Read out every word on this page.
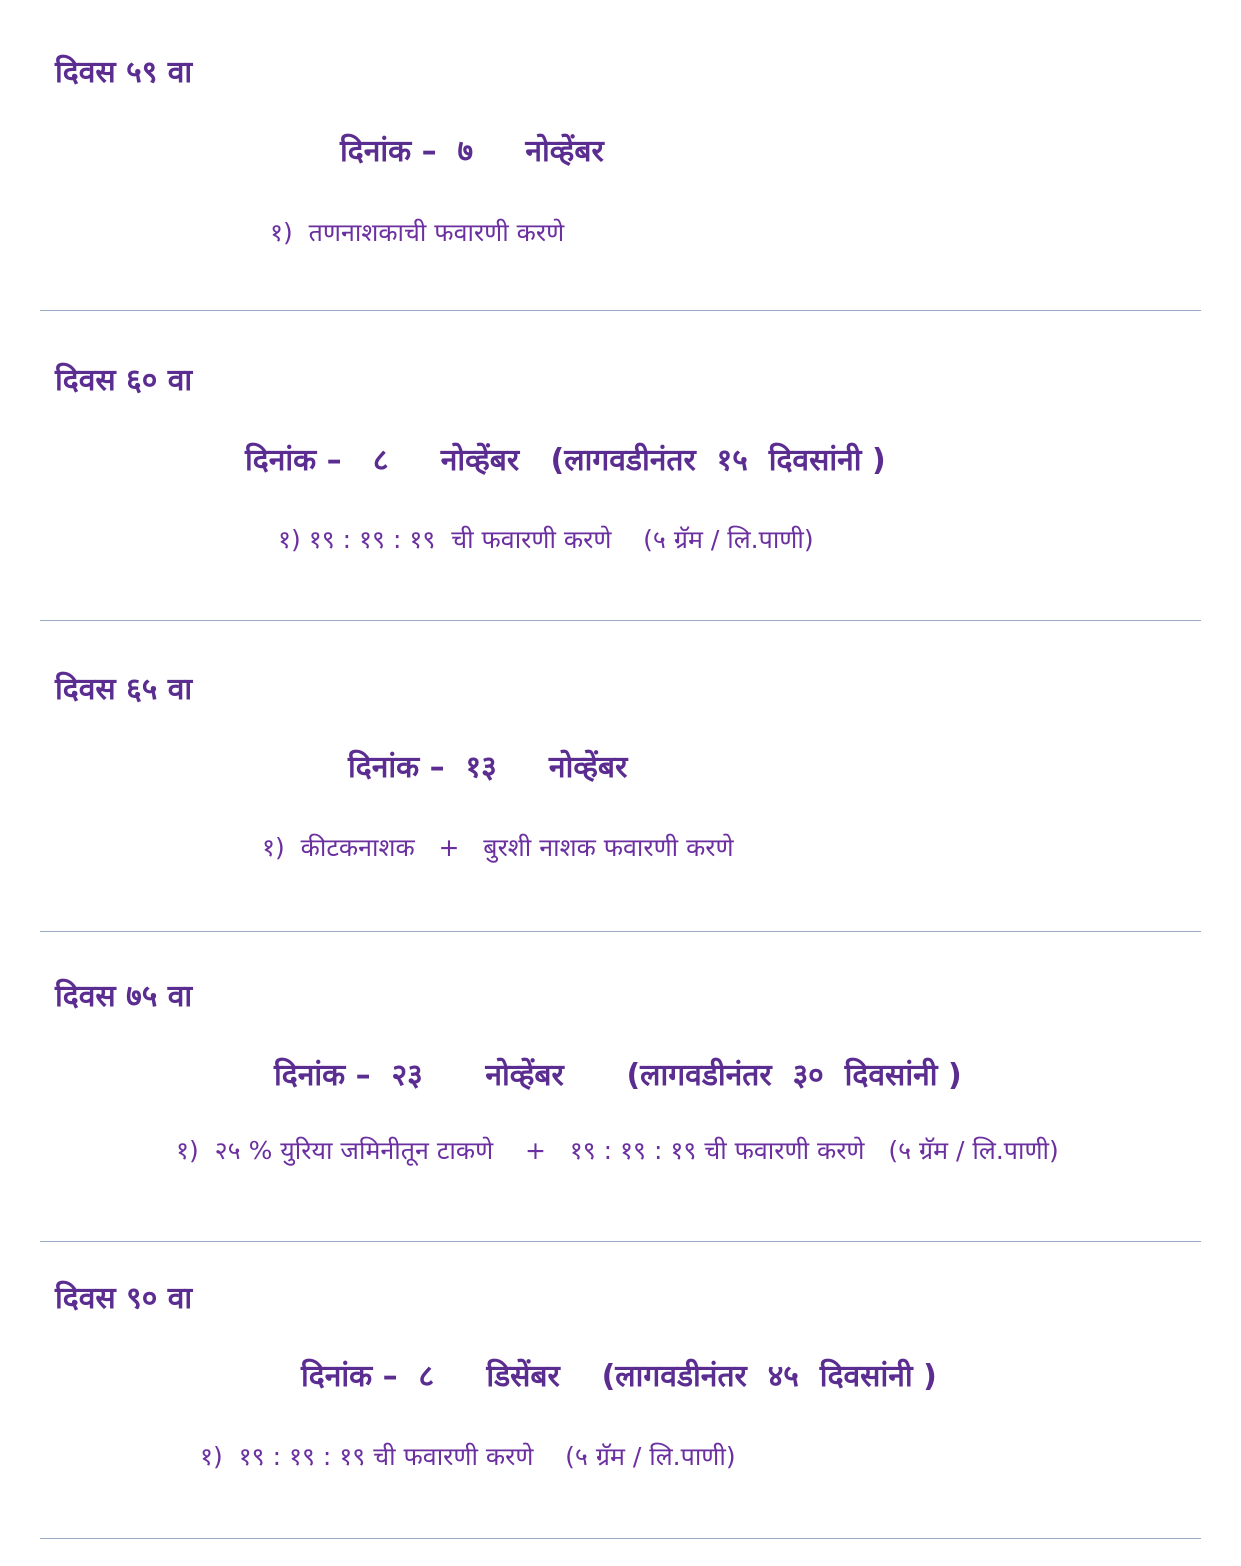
दिवस ५९ वा

दिनांक –  ७     नोव्हेंबर

१)  तणनाशकाची फवारणी करणे

दिवस ६० वा

दिनांक –   ८     नोव्हेंबर   (लागवडीनंतर  १५  दिवसांनी )

१) १९ : १९ : १९  ची फवारणी करणे    (५ ग्रॅम / लि.पाणी)

दिवस ६५ वा

दिनांक –  १३     नोव्हेंबर

१)  कीटकनाशक   +   बुरशी नाशक फवारणी करणे

दिवस ७५ वा

दिनांक –  २३      नोव्हेंबर      (लागवडीनंतर  ३०  दिवसांनी )

१)  २५ % युरिया जमिनीतून टाकणे    +   १९ : १९ : १९ ची फवारणी करणे   (५ ग्रॅम / लि.पाणी)

दिवस ९० वा

दिनांक –  ८     डिसेंबर    (लागवडीनंतर  ४५  दिवसांनी )

१)  १९ : १९ : १९ ची फवारणी करणे    (५ ग्रॅम / लि.पाणी)
